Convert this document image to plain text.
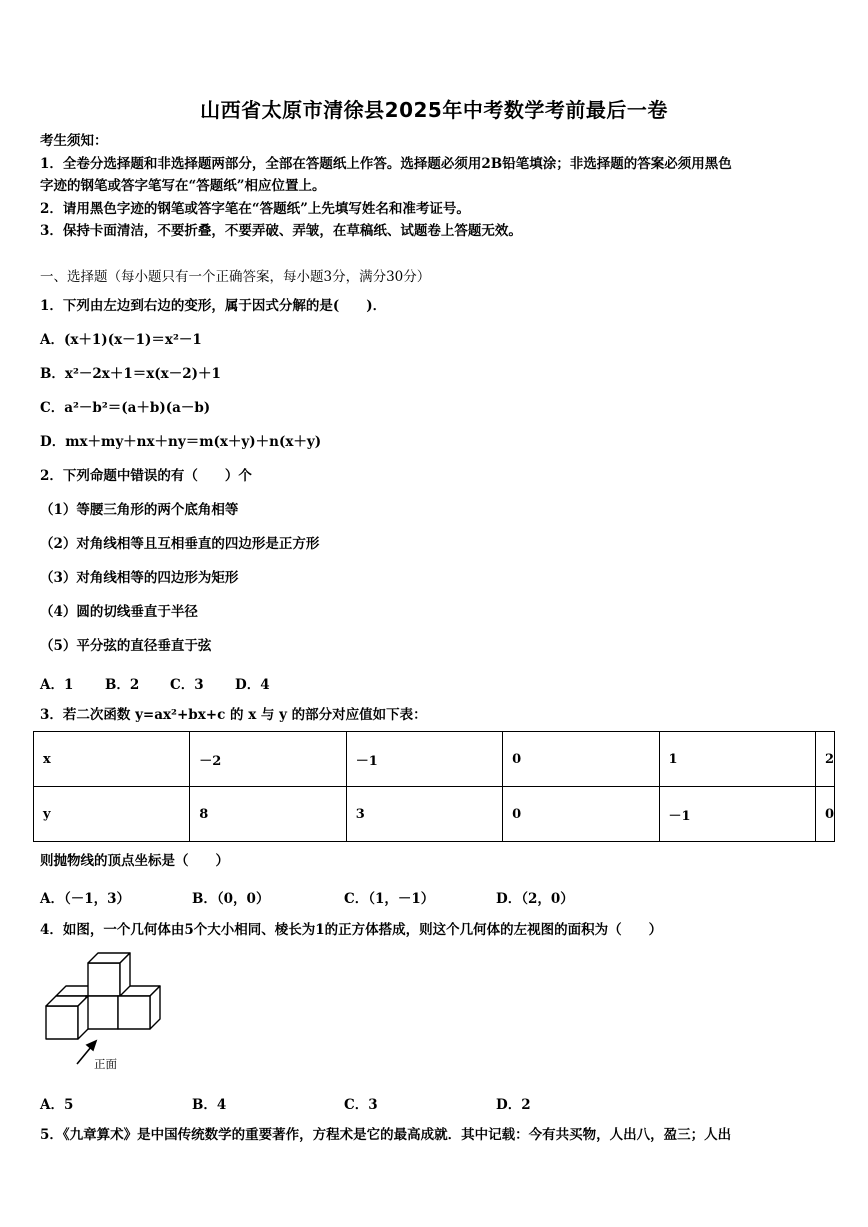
山西省太原市清徐县2025年中考数学考前最后一卷
考生须知：
1．全卷分选择题和非选择题两部分，全部在答题纸上作答。选择题必须用2B铅笔填涂；非选择题的答案必须用黑色
字迹的钢笔或答字笔写在“答题纸”相应位置上。
2．请用黑色字迹的钢笔或答字笔在“答题纸”上先填写姓名和准考证号。
3．保持卡面清洁，不要折叠，不要弄破、弄皱，在草稿纸、试题卷上答题无效。
一、选择题（每小题只有一个正确答案，每小题3分，满分30分）
1．下列由左边到右边的变形，属于因式分解的是(　　)．
A．(x＋1)(x－1)＝x²－1
B．x²－2x＋1＝x(x－2)＋1
C．a²－b²＝(a＋b)(a－b)
D．mx＋my＋nx＋ny＝m(x＋y)＋n(x＋y)
2．下列命题中错误的有（　　）个
（1）等腰三角形的两个底角相等
（2）对角线相等且互相垂直的四边形是正方形
（3）对角线相等的四边形为矩形
（4）圆的切线垂直于半径
（5）平分弦的直径垂直于弦
A．1 B．2 C．3 D．4
3．若二次函数 y=ax²+bx+c 的 x 与 y 的部分对应值如下表：
x	－2	－1	0	1	2
y	8	3	0	－1	0
则抛物线的顶点坐标是（　　）
A．（－1，3）	B．（0，0）	C．（1，－1）	D．（2，0）
4．如图，一个几何体由5个大小相同、棱长为1的正方体搭成，则这个几何体的左视图的面积为（　　）
正面
A．5	B．4	C．3	D．2
5．《九章算术》是中国传统数学的重要著作，方程术是它的最高成就．其中记载：今有共买物，人出八，盈三；人出
